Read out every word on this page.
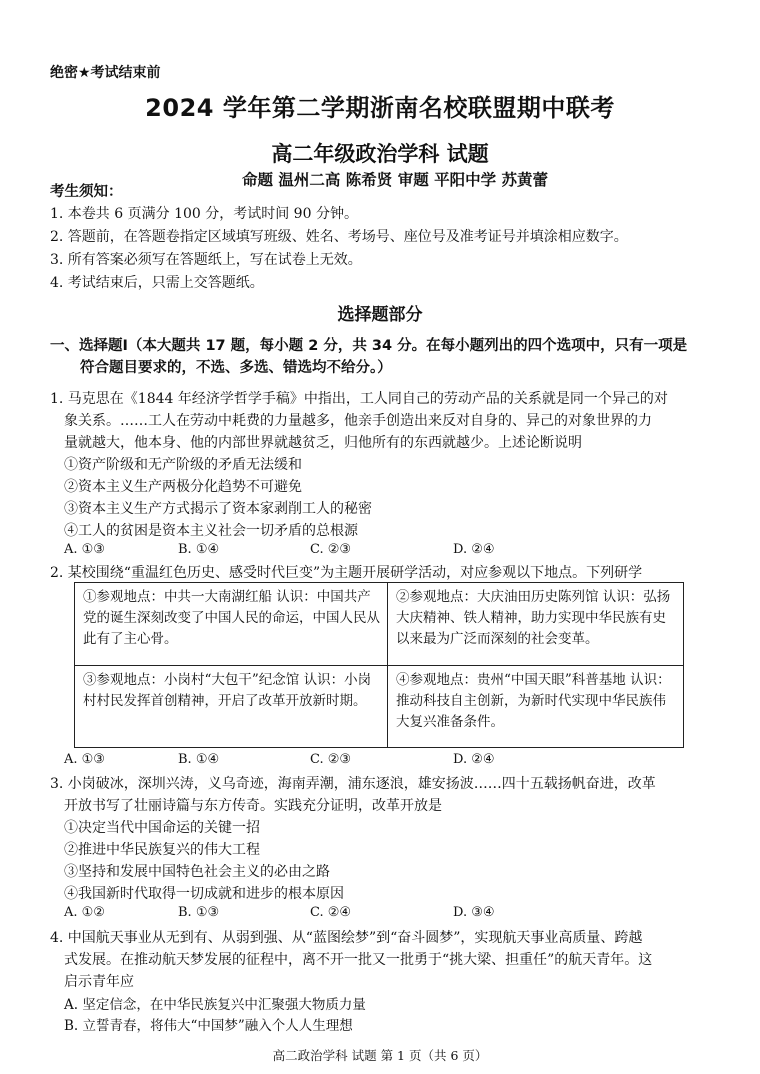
绝密★考试结束前
2024 学年第二学期浙南名校联盟期中联考
高二年级政治学科 试题
命题 温州二高 陈希贤 审题 平阳中学 苏黄蕾
考生须知：
1. 本卷共 6 页满分 100 分，考试时间 90 分钟。
2. 答题前，在答题卷指定区域填写班级、姓名、考场号、座位号及准考证号并填涂相应数字。
3. 所有答案必须写在答题纸上，写在试卷上无效。
4. 考试结束后，只需上交答题纸。
选择题部分
一、选择题Ⅰ（本大题共 17 题，每小题 2 分，共 34 分。在每小题列出的四个选项中，只有一项是
符合题目要求的，不选、多选、错选均不给分。）
1. 马克思在《1844 年经济学哲学手稿》中指出，工人同自己的劳动产品的关系就是同一个异己的对
象关系。……工人在劳动中耗费的力量越多，他亲手创造出来反对自身的、异己的对象世界的力
量就越大，他本身、他的内部世界就越贫乏，归他所有的东西就越少。上述论断说明
①资产阶级和无产阶级的矛盾无法缓和
②资本主义生产两极分化趋势不可避免
③资本主义生产方式揭示了资本家剥削工人的秘密
④工人的贫困是资本主义社会一切矛盾的总根源
A. ①③	B. ①④	C. ②③	D. ②④
2. 某校围绕“重温红色历史、感受时代巨变”为主题开展研学活动，对应参观以下地点。下列研学
①参观地点：中共一大南湖红船 认识：中国共产党的诞生深刻改变了中国人民的命运，中国人民从此有了主心骨。	②参观地点：大庆油田历史陈列馆 认识：弘扬大庆精神、铁人精神，助力实现中华民族有史以来最为广泛而深刻的社会变革。
③参观地点：小岗村“大包干”纪念馆 认识：小岗村村民发挥首创精神，开启了改革开放新时期。	④参观地点：贵州“中国天眼”科普基地 认识：推动科技自主创新，为新时代实现中华民族伟大复兴准备条件。
A. ①③	B. ①④	C. ②③	D. ②④
3. 小岗破冰，深圳兴涛，义乌奇迹，海南弄潮，浦东逐浪，雄安扬波……四十五载扬帆奋进，改革
开放书写了壮丽诗篇与东方传奇。实践充分证明，改革开放是
①决定当代中国命运的关键一招
②推进中华民族复兴的伟大工程
③坚持和发展中国特色社会主义的必由之路
④我国新时代取得一切成就和进步的根本原因
A. ①②	B. ①③	C. ②④	D. ③④
4. 中国航天事业从无到有、从弱到强、从“蓝图绘梦”到“奋斗圆梦”，实现航天事业高质量、跨越
式发展。在推动航天梦发展的征程中，离不开一批又一批勇于“挑大梁、担重任”的航天青年。这
启示青年应
A. 坚定信念，在中华民族复兴中汇聚强大物质力量
B. 立誓青春，将伟大“中国梦”融入个人人生理想
高二政治学科 试题 第 1 页（共 6 页）
